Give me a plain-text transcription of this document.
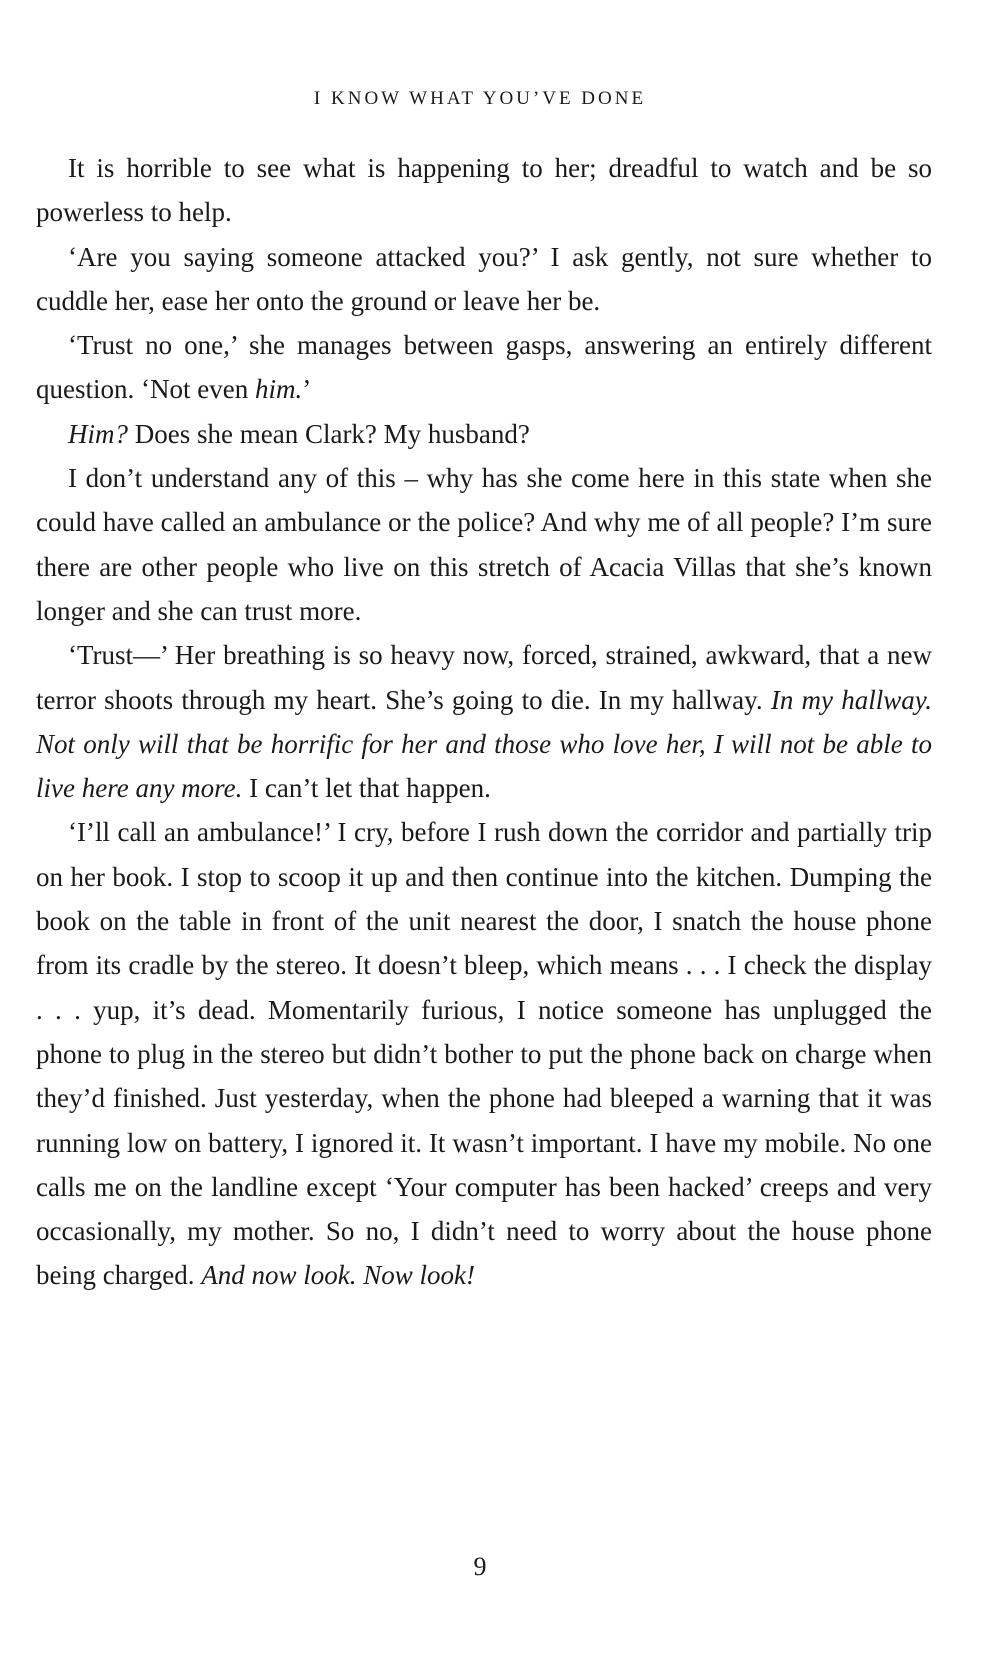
I KNOW WHAT YOU’VE DONE

It is horrible to see what is happening to her; dreadful to watch and be so powerless to help.

‘Are you saying someone attacked you?’ I ask gently, not sure whether to cuddle her, ease her onto the ground or leave her be.

‘Trust no one,’ she manages between gasps, answering an entirely different question. ‘Not even him.’

Him? Does she mean Clark? My husband?

I don’t understand any of this – why has she come here in this state when she could have called an ambulance or the police? And why me of all people? I’m sure there are other people who live on this stretch of Acacia Villas that she’s known longer and she can trust more.

‘Trust—’ Her breathing is so heavy now, forced, strained, awkward, that a new terror shoots through my heart. She’s going to die. In my hallway. In my hallway. Not only will that be horrific for her and those who love her, I will not be able to live here any more. I can’t let that happen.

‘I’ll call an ambulance!’ I cry, before I rush down the corridor and partially trip on her book. I stop to scoop it up and then continue into the kitchen. Dumping the book on the table in front of the unit nearest the door, I snatch the house phone from its cradle by the stereo. It doesn’t bleep, which means . . . I check the display . . . yup, it’s dead. Momentarily furious, I notice someone has unplugged the phone to plug in the stereo but didn’t bother to put the phone back on charge when they’d finished. Just yesterday, when the phone had bleeped a warning that it was running low on battery, I ignored it. It wasn’t important. I have my mobile. No one calls me on the landline except ‘Your computer has been hacked’ creeps and very occasionally, my mother. So no, I didn’t need to worry about the house phone being charged. And now look. Now look!

9
